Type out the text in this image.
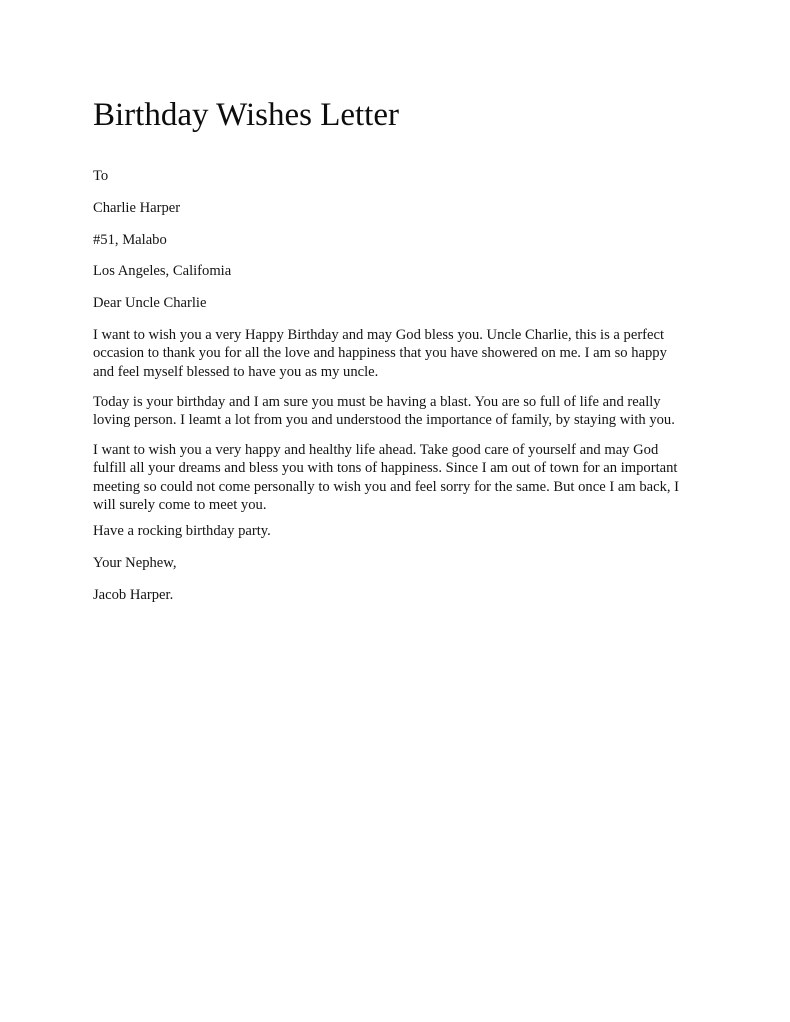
Birthday Wishes Letter

To

Charlie Harper

#51, Malabo

Los Angeles, Califomia

Dear Uncle Charlie

I want to wish you a very Happy Birthday and may God bless you. Uncle Charlie, this is a perfect
occasion to thank you for all the love and happiness that you have showered on me. I am so happy
and feel myself blessed to have you as my uncle.
Today is your birthday and I am sure you must be having a blast. You are so full of life and really
loving person. I leamt a lot from you and understood the importance of family, by staying with you.
I want to wish you a very happy and healthy life ahead. Take good care of yourself and may God
fulfill all your dreams and bless you with tons of happiness. Since I am out of town for an important
meeting so could not come personally to wish you and feel sorry for the same. But once I am back, I
will surely come to meet you.

Have a rocking birthday party.

Your Nephew,

Jacob Harper.
